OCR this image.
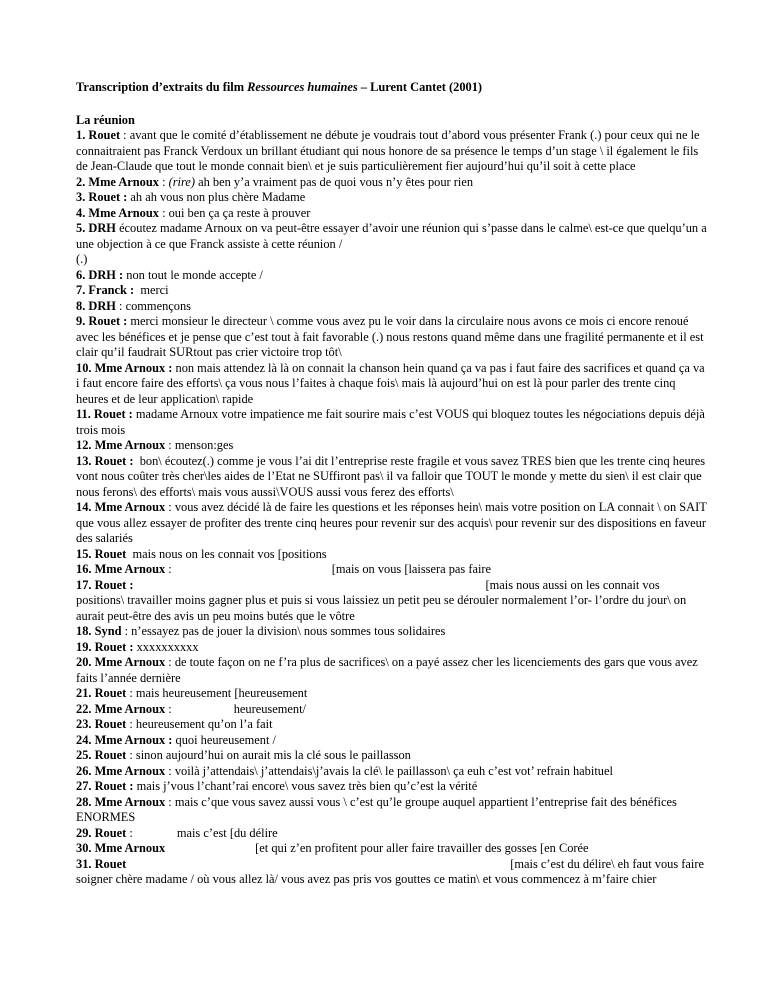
Transcription d’extraits du film Ressources humaines – Lurent Cantet (2001)

La réunion

1. Rouet : avant que le comité d’établissement ne débute je voudrais tout d’abord vous présenter Frank (.) pour ceux qui ne le connaitraient pas Franck Verdoux un brillant étudiant qui nous honore de sa présence le temps d’un stage \ il également le fils de Jean-Claude que tout le monde connait bien\ et je suis particulièrement fier aujourd’hui qu’il soit à cette place

2. Mme Arnoux : (rire) ah ben y’a vraiment pas de quoi vous n’y êtes pour rien

3. Rouet : ah ah vous non plus chère Madame

4. Mme Arnoux : oui ben ça ça reste à prouver

5. DRH écoutez madame Arnoux on va peut-être essayer d’avoir une réunion qui s’passe dans le calme\ est-ce que quelqu’un a une objection à ce que Franck assiste à cette réunion /

(.)

6. DRH : non tout le monde accepte /

7. Franck : merci

8. DRH : commençons

9. Rouet : merci monsieur le directeur \ comme vous avez pu le voir dans la circulaire nous avons ce mois ci encore renoué avec les bénéfices et je pense que c’est tout à fait favorable (.) nous restons quand même dans une fragilité permanente et il est clair qu’il faudrait SURtout pas crier victoire trop tôt\

10. Mme Arnoux : non mais attendez là là on connait la chanson hein quand ça va pas i faut faire des sacrifices et quand ça va i faut encore faire des efforts\ ça vous nous l’faites à chaque fois\ mais là aujourd’hui on est là pour parler des trente cinq heures et de leur application\ rapide

11. Rouet : madame Arnoux votre impatience me fait sourire mais c’est VOUS qui bloquez toutes les négociations depuis déjà trois mois

12. Mme Arnoux : menson:ges

13. Rouet : bon\ écoutez(.) comme je vous l’ai dit l’entreprise reste fragile et vous savez TRES bien que les trente cinq heures vont nous coûter très cher\les aides de l’Etat ne SUffiront pas\ il va falloir que TOUT le monde y mette du sien\ il est clair que nous ferons\ des efforts\ mais vous aussi\VOUS aussi vous ferez des efforts\

14. Mme Arnoux : vous avez décidé là de faire les questions et les réponses hein\ mais votre position on LA connait \ on SAIT que vous allez essayer de profiter des trente cinq heures pour revenir sur des acquis\ pour revenir sur des dispositions en faveur des salariés

15. Rouet mais nous on les connait vos [positions

16. Mme Arnoux :	[mais on vous [laissera pas faire

17. Rouet :	[mais nous aussi on les connait vos positions\ travailler moins gagner plus et puis si vous laissiez un petit peu se dérouler normalement l’or- l’ordre du jour\ on aurait peut-être des avis un peu moins butés que le vôtre

18. Synd : n’essayez pas de jouer la division\ nous sommes tous solidaires

19. Rouet : xxxxxxxxxx

20. Mme Arnoux : de toute façon on ne f’ra plus de sacrifices\ on a payé assez cher les licenciements des gars que vous avez faits l’année dernière

21. Rouet : mais heureusement [heureusement

22. Mme Arnoux :	heureusement/

23. Rouet : heureusement qu’on l’a fait

24. Mme Arnoux : quoi heureusement /

25. Rouet : sinon aujourd’hui on aurait mis la clé sous le paillasson

26. Mme Arnoux : voilà j’attendais\ j’attendais\j’avais la clé\ le paillasson\ ça euh c’est vot’ refrain habituel

27. Rouet : mais j’vous l’chant’rai encore\ vous savez très bien qu’c’est la vérité

28. Mme Arnoux : mais c’que vous savez aussi vous \ c’est qu’le groupe auquel appartient l’entreprise fait des bénéfices ENORMES

29. Rouet :	mais c’est [du délire

30. Mme Arnoux	[et qui z’en profitent pour aller faire travailler des gosses [en Corée

31. Rouet	[mais c’est du délire\ eh faut vous faire soigner chère madame / où vous allez là/ vous avez pas pris vos gouttes ce matin\ et vous commencez à m’faire chier
